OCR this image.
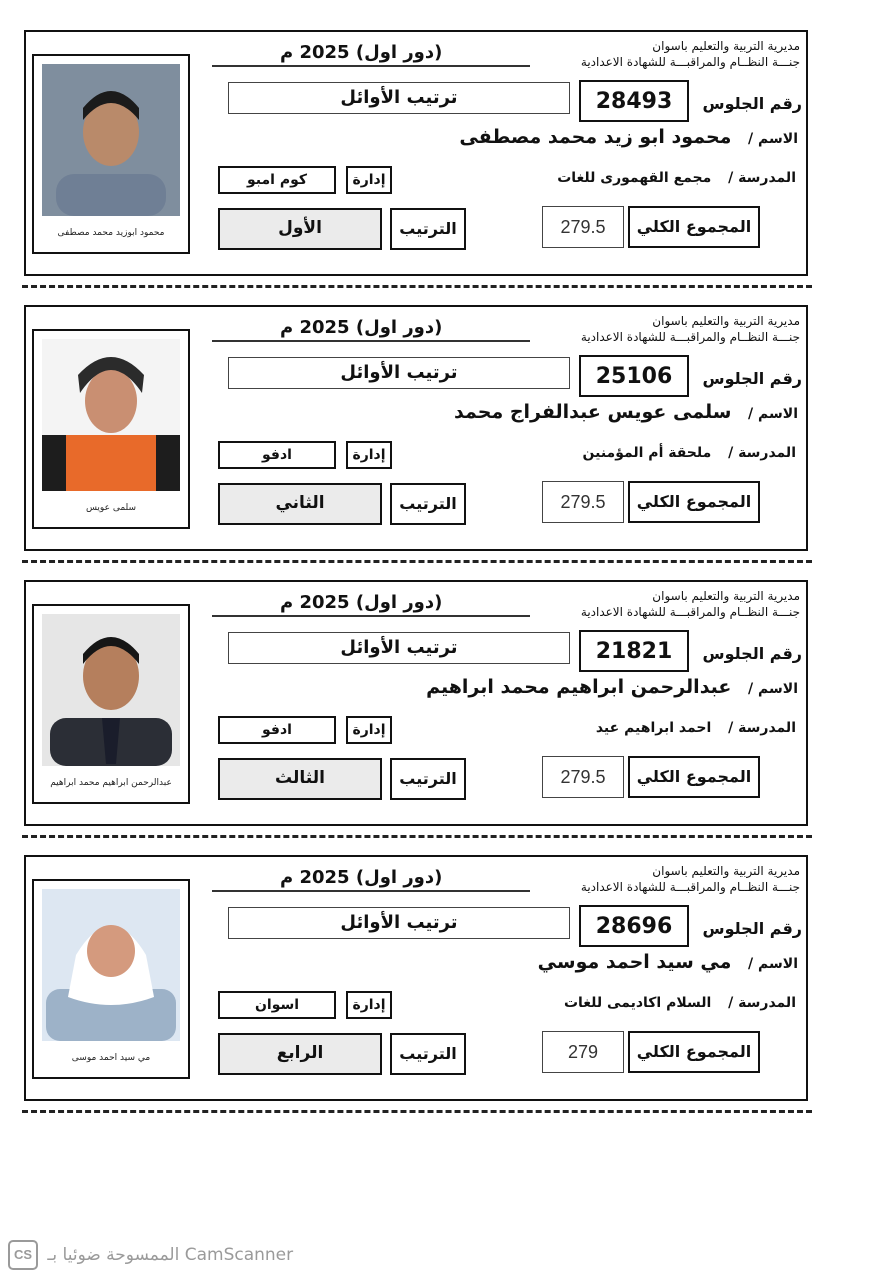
محمود ابوزيد محمد مصطفى
مديرية التربية والتعليم باسوان
جنـــة النظــام والمراقبـــة للشهادة الاعدادية
(دور اول) 2025 م
ترتيب الأوائل	28493	رقم الجلوس
الاسم / محمود ابو زيد محمد مصطفى
المدرسة / مجمع القهمورى للغات
كوم امبو	إدارة
الأول	الترتيب	279.5	المجموع الكلي
سلمى عويس
مديرية التربية والتعليم باسوان
جنـــة النظــام والمراقبـــة للشهادة الاعدادية
(دور اول) 2025 م
ترتيب الأوائل	25106	رقم الجلوس
الاسم / سلمى عويس عبدالفراج محمد
المدرسة / ملحقة أم المؤمنين
ادفو	إدارة
الثاني	الترتيب	279.5	المجموع الكلي
عبدالرحمن ابراهيم محمد ابراهيم
مديرية التربية والتعليم باسوان
جنـــة النظــام والمراقبـــة للشهادة الاعدادية
(دور اول) 2025 م
ترتيب الأوائل	21821	رقم الجلوس
الاسم / عبدالرحمن ابراهيم محمد ابراهيم
المدرسة / احمد ابراهيم عيد
ادفو	إدارة
الثالث	الترتيب	279.5	المجموع الكلي
مي سيد احمد موسى
مديرية التربية والتعليم باسوان
جنـــة النظــام والمراقبـــة للشهادة الاعدادية
(دور اول) 2025 م
ترتيب الأوائل	28696	رقم الجلوس
الاسم / مي سيد احمد موسي
المدرسة / السلام اكاديمى للغات
اسوان	إدارة
الرابع	الترتيب	279	المجموع الكلي
CS الممسوحة ضوئيا بـ CamScanner
